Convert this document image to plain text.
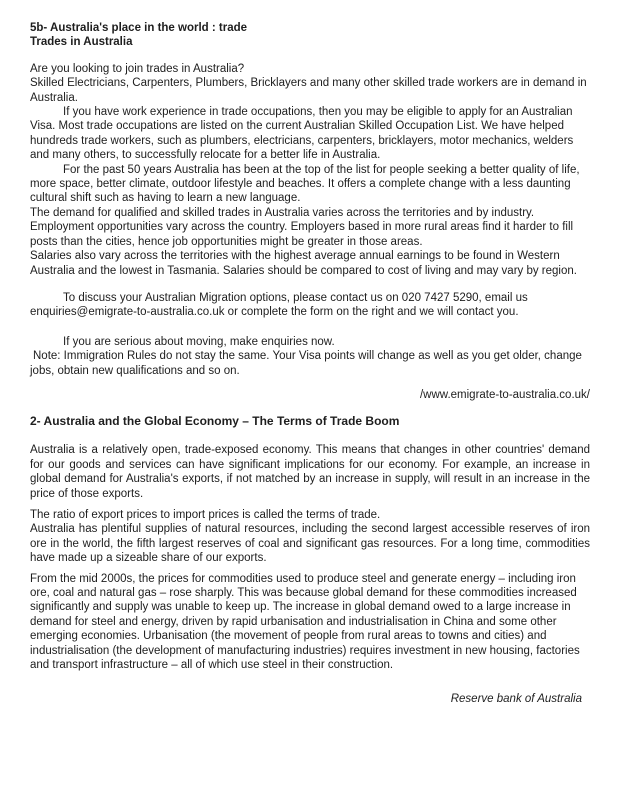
5b- Australia's place in the world : trade
Trades in Australia

Are you looking to join trades in Australia?

Skilled Electricians, Carpenters, Plumbers, Bricklayers and many other skilled trade workers are in demand in Australia.

If you have work experience in trade occupations, then you may be eligible to apply for an Australian Visa. Most trade occupations are listed on the current Australian Skilled Occupation List. We have helped hundreds trade workers, such as plumbers, electricians, carpenters, bricklayers, motor mechanics, welders and many others, to successfully relocate for a better life in Australia.

For the past 50 years Australia has been at the top of the list for people seeking a better quality of life, more space, better climate, outdoor lifestyle and beaches. It offers a complete change with a less daunting cultural shift such as having to learn a new language.

The demand for qualified and skilled trades in Australia varies across the territories and by industry. Employment opportunities vary across the country. Employers based in more rural areas find it harder to fill posts than the cities, hence job opportunities might be greater in those areas.

Salaries also vary across the territories with the highest average annual earnings to be found in Western Australia and the lowest in Tasmania. Salaries should be compared to cost of living and may vary by region.

To discuss your Australian Migration options, please contact us on 020 7427 5290, email us enquiries@emigrate-to-australia.co.uk or complete the form on the right and we will contact you.

If you are serious about moving, make enquiries now.

Note: Immigration Rules do not stay the same. Your Visa points will change as well as you get older, change jobs, obtain new qualifications and so on.

/www.emigrate-to-australia.co.uk/

2- Australia and the Global Economy – The Terms of Trade Boom

Australia is a relatively open, trade-exposed economy. This means that changes in other countries' demand for our goods and services can have significant implications for our economy. For example, an increase in global demand for Australia's exports, if not matched by an increase in supply, will result in an increase in the price of those exports.

The ratio of export prices to import prices is called the terms of trade.

Australia has plentiful supplies of natural resources, including the second largest accessible reserves of iron ore in the world, the fifth largest reserves of coal and significant gas resources. For a long time, commodities have made up a sizeable share of our exports.

From the mid 2000s, the prices for commodities used to produce steel and generate energy – including iron ore, coal and natural gas – rose sharply. This was because global demand for these commodities increased significantly and supply was unable to keep up. The increase in global demand owed to a large increase in demand for steel and energy, driven by rapid urbanisation and industrialisation in China and some other emerging economies. Urbanisation (the movement of people from rural areas to towns and cities) and industrialisation (the development of manufacturing industries) requires investment in new housing, factories and transport infrastructure – all of which use steel in their construction.

Reserve bank of Australia
